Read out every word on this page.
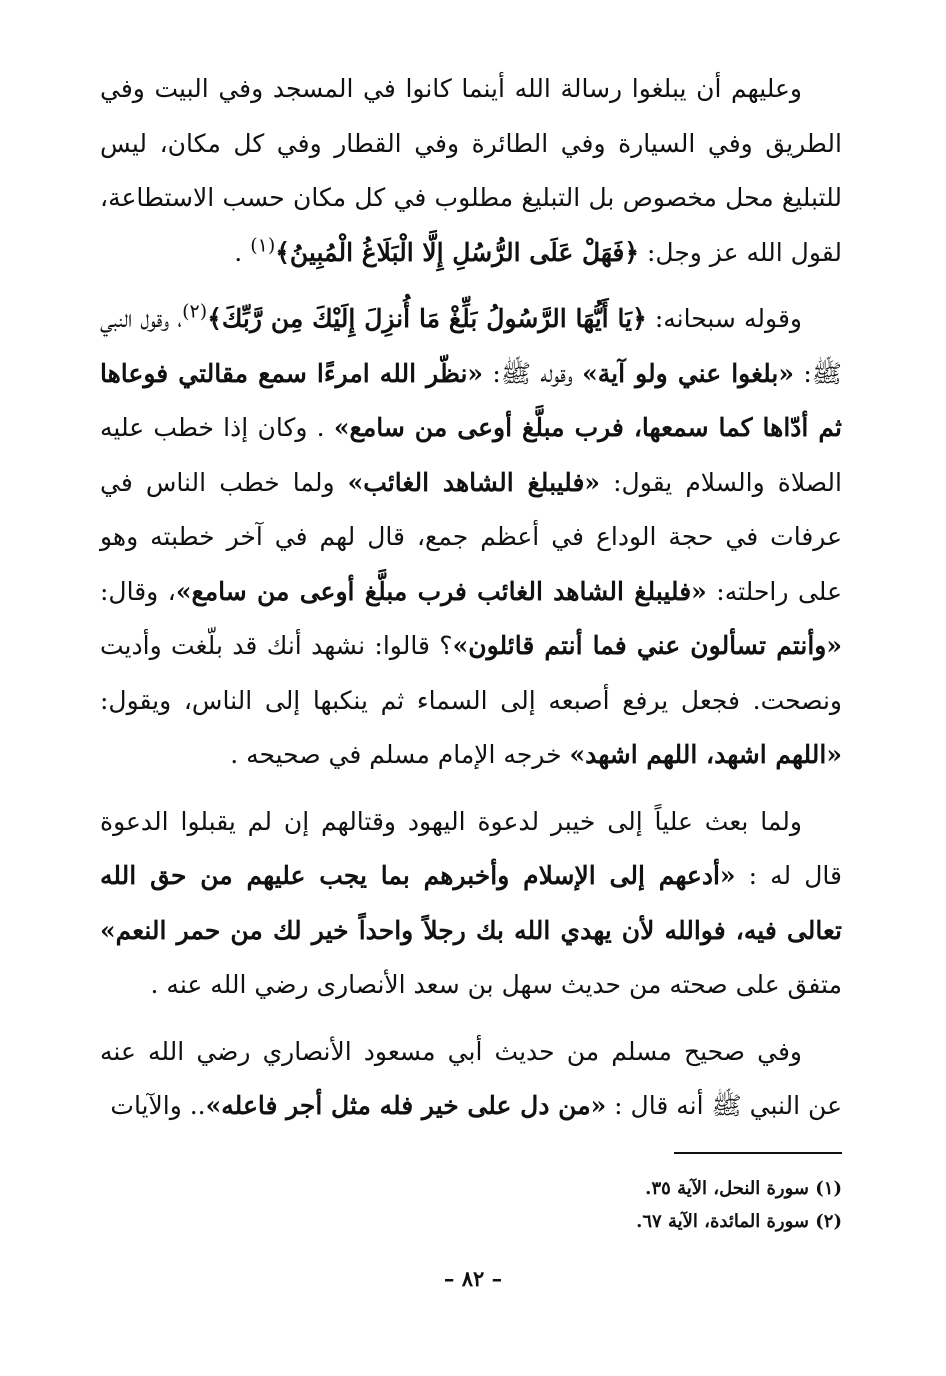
وعليهم أن يبلغوا رسالة الله أينما كانوا في المسجد وفي البيت وفي الطريق وفي السيارة وفي الطائرة وفي القطار وفي كل مكان، ليس للتبليغ محل مخصوص بل التبليغ مطلوب في كل مكان حسب الاستطاعة، لقول الله عز وجل: ﴿فَهَلْ عَلَى الرُّسُلِ إِلَّا الْبَلَاغُ الْمُبِينُ﴾$^{(١)}$ .

وقوله سبحانه: ﴿يَا أَيُّهَا الرَّسُولُ بَلِّغْ مَا أُنزِلَ إِلَيْكَ مِن رَّبِّكَ﴾$^{(٢)}$، وقول النبي ﷺ: «بلغوا عني ولو آية» وقوله ﷺ: «نظّر الله امرءًا سمع مقالتي فوعاها ثم أدّاها كما سمعها، فرب مبلَّغ أوعى من سامع» . وكان إذا خطب عليه الصلاة والسلام يقول: «فليبلغ الشاهد الغائب» ولما خطب الناس في عرفات في حجة الوداع في أعظم جمع، قال لهم في آخر خطبته وهو على راحلته: «فليبلغ الشاهد الغائب فرب مبلَّغ أوعى من سامع»، وقال: «وأنتم تسألون عني فما أنتم قائلون»؟ قالوا: نشهد أنك قد بلّغت وأديت ونصحت. فجعل يرفع أصبعه إلى السماء ثم ينكبها إلى الناس، ويقول: «اللهم اشهد، اللهم اشهد» خرجه الإمام مسلم في صحيحه .

ولما بعث علياً إلى خيبر لدعوة اليهود وقتالهم إن لم يقبلوا الدعوة قال له : «أدعهم إلى الإسلام وأخبرهم بما يجب عليهم من حق الله تعالى فيه، فوالله لأن يهدي الله بك رجلاً واحداً خير لك من حمر النعم» متفق على صحته من حديث سهل بن سعد الأنصارى رضي الله عنه .

وفي صحيح مسلم من حديث أبي مسعود الأنصاري رضي الله عنه عن النبي ﷺ أنه قال : «من دل على خير فله مثل أجر فاعله».. والآيات

(١) سورة النحل، الآية ٣٥.

(٢) سورة المائدة، الآية ٦٧.

– ٨٢ –
